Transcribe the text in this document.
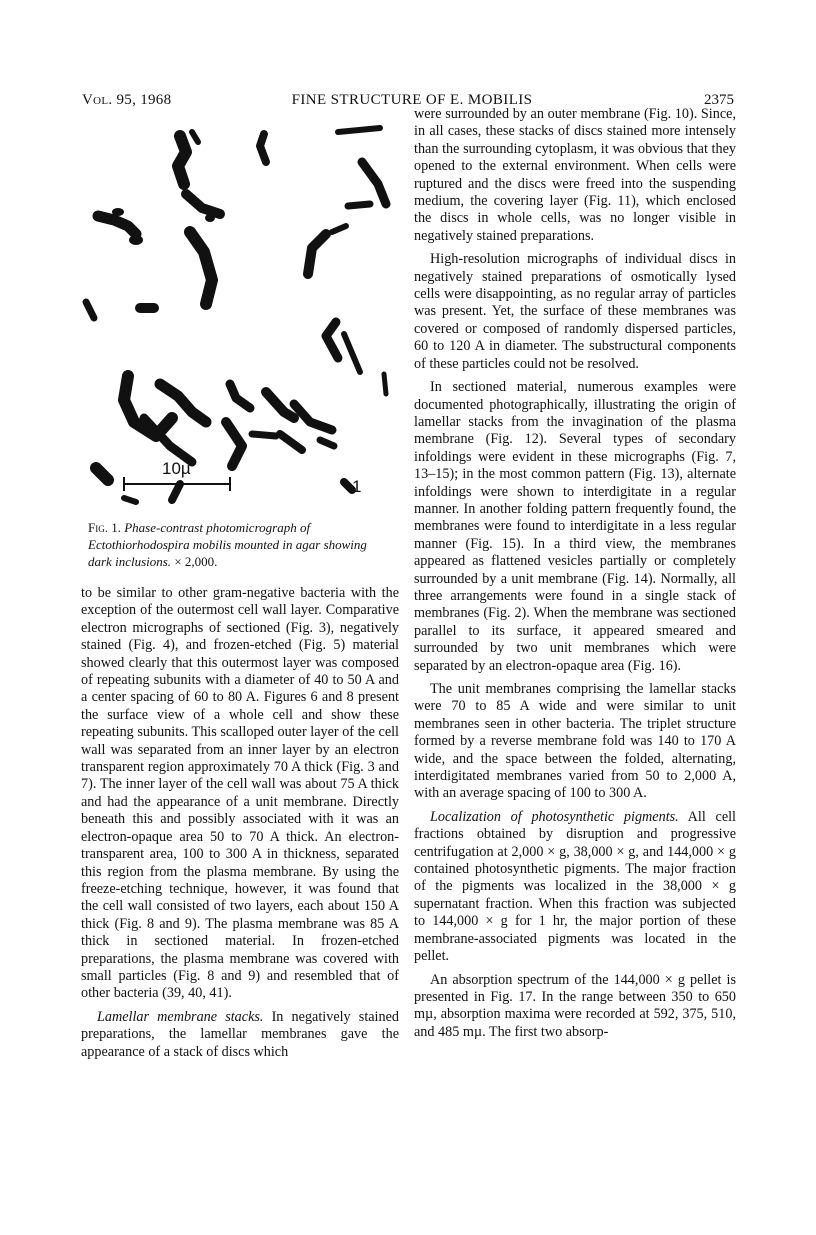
Vol. 95, 1968	FINE STRUCTURE OF E. MOBILIS	2375
10µ
1
Fig. 1. Phase-contrast photomicrograph of Ectothiorhodospira mobilis mounted in agar showing dark inclusions. × 2,000.

to be similar to other gram-negative bacteria with the exception of the outermost cell wall layer. Comparative electron micrographs of sectioned (Fig. 3), negatively stained (Fig. 4), and frozen-etched (Fig. 5) material showed clearly that this outermost layer was composed of repeating subunits with a diameter of 40 to 50 A and a center spacing of 60 to 80 A. Figures 6 and 8 present the surface view of a whole cell and show these repeating subunits. This scalloped outer layer of the cell wall was separated from an inner layer by an electron transparent region approximately 70 A thick (Fig. 3 and 7). The inner layer of the cell wall was about 75 A thick and had the appearance of a unit membrane. Directly beneath this and possibly associated with it was an electron-opaque area 50 to 70 A thick. An electron-transparent area, 100 to 300 A in thickness, separated this region from the plasma membrane. By using the freeze-etching technique, however, it was found that the cell wall consisted of two layers, each about 150 A thick (Fig. 8 and 9). The plasma membrane was 85 A thick in sectioned material. In frozen-etched preparations, the plasma membrane was covered with small particles (Fig. 8 and 9) and resembled that of other bacteria (39, 40, 41).

Lamellar membrane stacks. In negatively stained preparations, the lamellar membranes gave the appearance of a stack of discs which

were surrounded by an outer membrane (Fig. 10). Since, in all cases, these stacks of discs stained more intensely than the surrounding cytoplasm, it was obvious that they opened to the external environment. When cells were ruptured and the discs were freed into the suspending medium, the covering layer (Fig. 11), which enclosed the discs in whole cells, was no longer visible in negatively stained preparations.

High-resolution micrographs of individual discs in negatively stained preparations of osmotically lysed cells were disappointing, as no regular array of particles was present. Yet, the surface of these membranes was covered or composed of randomly dispersed particles, 60 to 120 A in diameter. The substructural components of these particles could not be resolved.

In sectioned material, numerous examples were documented photographically, illustrating the origin of lamellar stacks from the invagination of the plasma membrane (Fig. 12). Several types of secondary infoldings were evident in these micrographs (Fig. 7, 13–15); in the most common pattern (Fig. 13), alternate infoldings were shown to interdigitate in a regular manner. In another folding pattern frequently found, the membranes were found to interdigitate in a less regular manner (Fig. 15). In a third view, the membranes appeared as flattened vesicles partially or completely surrounded by a unit membrane (Fig. 14). Normally, all three arrangements were found in a single stack of membranes (Fig. 2). When the membrane was sectioned parallel to its surface, it appeared smeared and surrounded by two unit membranes which were separated by an electron-opaque area (Fig. 16).

The unit membranes comprising the lamellar stacks were 70 to 85 A wide and were similar to unit membranes seen in other bacteria. The triplet structure formed by a reverse membrane fold was 140 to 170 A wide, and the space between the folded, alternating, interdigitated membranes varied from 50 to 2,000 A, with an average spacing of 100 to 300 A.

Localization of photosynthetic pigments. All cell fractions obtained by disruption and progressive centrifugation at 2,000 × g, 38,000 × g, and 144,000 × g contained photosynthetic pigments. The major fraction of the pigments was localized in the 38,000 × g supernatant fraction. When this fraction was subjected to 144,000 × g for 1 hr, the major portion of these membrane-associated pigments was located in the pellet.

An absorption spectrum of the 144,000 × g pellet is presented in Fig. 17. In the range between 350 to 650 mµ, absorption maxima were recorded at 592, 375, 510, and 485 mµ. The first two absorp-
